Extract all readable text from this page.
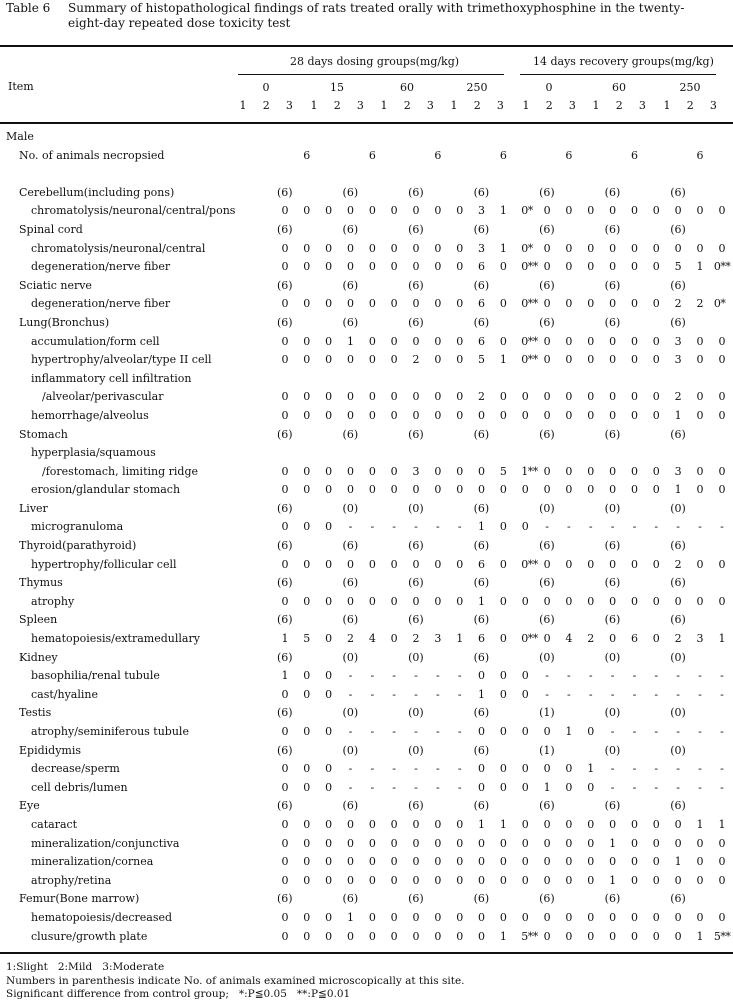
Table 6 Summary of histopathological findings of rats treated orally with trimethoxyphosphine in the twenty-eight-day repeated dose toxicity test
28 days dosing groups(mg/kg)	14 days recovery groups(mg/kg)
Item	0	15	60	250	0	60	250
1	2	3	1	2	3	1	2	3	1	2	3	1	2	3	1	2	3	1	2	3
Male																					
No. of animals necropsied		6			6			6			6			6			6			6	

Cerebellum(including pons)	(6)			(6)			(6)			(6)			(6)			(6)			(6)		
chromatolysis/neuronal/central/pons	0	0	0	0	0	0	0	0	0	3	1	0*	0	0	0	0	0	0	0	0	0
Spinal cord	(6)			(6)			(6)			(6)			(6)			(6)			(6)		
chromatolysis/neuronal/central	0	0	0	0	0	0	0	0	0	3	1	0*	0	0	0	0	0	0	0	0	0
degeneration/nerve fiber	0	0	0	0	0	0	0	0	0	6	0	0**	0	0	0	0	0	0	5	1	0**

Sciatic nerve	(6)			(6)			(6)			(6)			(6)			(6)			(6)		
degeneration/nerve fiber	0	0	0	0	0	0	0	0	0	6	0	0**	0	0	0	0	0	0	2	2	0*

Lung(Bronchus)	(6)			(6)			(6)			(6)			(6)			(6)			(6)		
accumulation/form cell	0	0	0	1	0	0	0	0	0	6	0	0**	0	0	0	0	0	0	3	0	0
hypertrophy/alveolar/type II cell	0	0	0	0	0	0	2	0	0	5	1	0**	0	0	0	0	0	0	3	0	0
inflammatory cell infiltration																					
/alveolar/perivascular	0	0	0	0	0	0	0	0	0	2	0	0	0	0	0	0	0	0	2	0	0
hemorrhage/alveolus	0	0	0	0	0	0	0	0	0	0	0	0	0	0	0	0	0	0	1	0	0
Stomach	(6)			(6)			(6)			(6)			(6)			(6)			(6)		
hyperplasia/squamous																					
/forestomach, limiting ridge	0	0	0	0	0	0	3	0	0	0	5	1**	0	0	0	0	0	0	3	0	0
erosion/glandular stomach	0	0	0	0	0	0	0	0	0	0	0	0	0	0	0	0	0	0	1	0	0
Liver	(6)			(0)			(0)			(6)			(0)			(0)			(0)		
microgranuloma	0	0	0	-	-	-	-	-	-	1	0	0	-	-	-	-	-	-	-	-	-
Thyroid(parathyroid)	(6)			(6)			(6)			(6)			(6)			(6)			(6)		
hypertrophy/follicular cell	0	0	0	0	0	0	0	0	0	6	0	0**	0	0	0	0	0	0	2	0	0
Thymus	(6)			(6)			(6)			(6)			(6)			(6)			(6)		
atrophy	0	0	0	0	0	0	0	0	0	1	0	0	0	0	0	0	0	0	0	0	0
Spleen	(6)			(6)			(6)			(6)			(6)			(6)			(6)		
hematopoiesis/extramedullary	1	5	0	2	4	0	2	3	1	6	0	0**	0	4	2	0	6	0	2	3	1
Kidney	(6)			(0)			(0)			(6)			(0)			(0)			(0)		
basophilia/renal tubule	1	0	0	-	-	-	-	-	-	0	0	0	-	-	-	-	-	-	-	-	-
cast/hyaline	0	0	0	-	-	-	-	-	-	1	0	0	-	-	-	-	-	-	-	-	-
Testis	(6)			(0)			(0)			(6)			(1)			(0)			(0)		
atrophy/seminiferous tubule	0	0	0	-	-	-	-	-	-	0	0	0	0	1	0	-	-	-	-	-	-
Epididymis	(6)			(0)			(0)			(6)			(1)			(0)			(0)		
decrease/sperm	0	0	0	-	-	-	-	-	-	0	0	0	0	0	1	-	-	-	-	-	-
cell debris/lumen	0	0	0	-	-	-	-	-	-	0	0	0	1	0	0	-	-	-	-	-	-
Eye	(6)			(6)			(6)			(6)			(6)			(6)			(6)		
cataract	0	0	0	0	0	0	0	0	0	1	1	0	0	0	0	0	0	0	0	1	1
mineralization/conjunctiva	0	0	0	0	0	0	0	0	0	0	0	0	0	0	0	1	0	0	0	0	0
mineralization/cornea	0	0	0	0	0	0	0	0	0	0	0	0	0	0	0	0	0	0	1	0	0
atrophy/retina	0	0	0	0	0	0	0	0	0	0	0	0	0	0	0	1	0	0	0	0	0
Femur(Bone marrow)	(6)			(6)			(6)			(6)			(6)			(6)			(6)		
hematopoiesis/decreased	0	0	0	1	0	0	0	0	0	0	0	0	0	0	0	0	0	0	0	0	0
clusure/growth plate	0	0	0	0	0	0	0	0	0	0	1	5**	0	0	0	0	0	0	0	1	5**
1:Slight   2:Mild   3:Moderate
Numbers in parenthesis indicate No. of animals examined microscopically at this site.
Significant difference from control group;   *:P≦0.05   **:P≦0.01
